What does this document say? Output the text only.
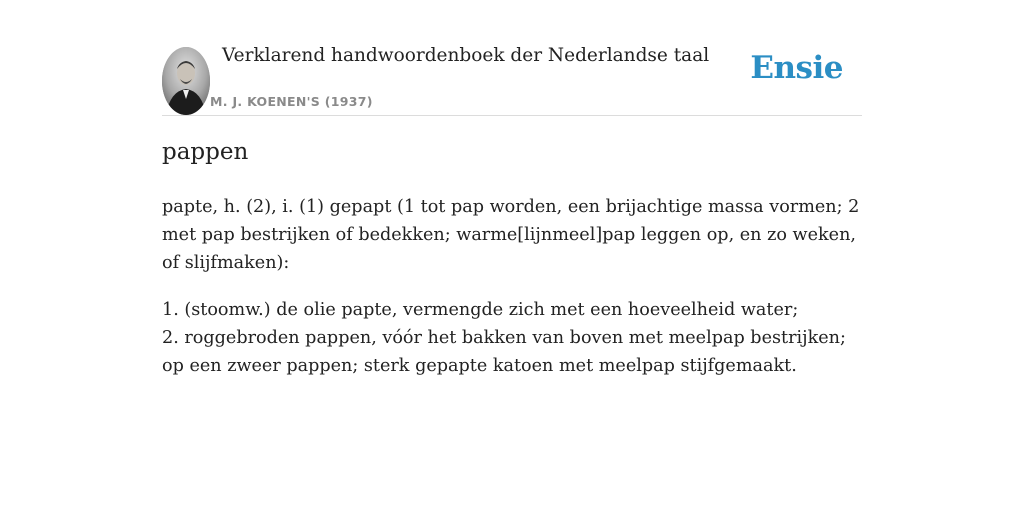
Verklarend handwoordenboek der Nederlandse taal
M. J. KOENEN'S (1937)
Ensie
pappen

papte, h. (2), i. (1) gepapt (1 tot pap worden, een brijachtige massa vormen; 2 met pap bestrijken of bedekken; warme[lijnmeel]pap leggen op, en zo weken, of slijfmaken):

1. (stoomw.) de olie papte, vermengde zich met een hoeveelheid water;

2. roggebroden pappen, vóór het bakken van boven met meelpap bestrijken; op een zweer pappen; sterk gepapte katoen met meelpap stijfgemaakt.
